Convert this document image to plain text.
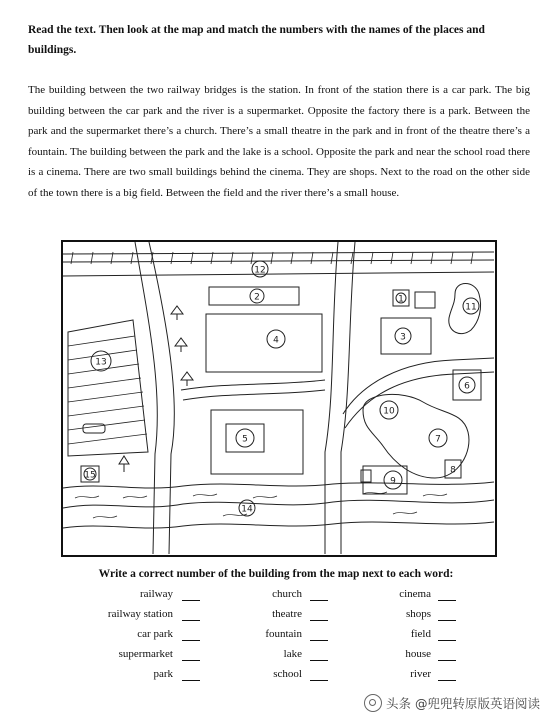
Read the text. Then look at the map and match the numbers with the names of the places and buildings.
The building between the two railway bridges is the station. In front of the station there is a car park. The big building between the car park and the river is a supermarket. Opposite the factory there is a park. Between the park and the supermarket there’s a church. There’s a small theatre in the park and in front of the theatre there’s a fountain. The building between the park and the lake is a school. Opposite the park and near the school road there is a cinema. There are two small buildings behind the cinema. They are shops. Next to the road on the other side of the town there is a big field. Between the field and the river there’s a small house.
1
2
3
4
5
6
7
8
9
10
11
12
13
14
15
Write a correct number of the building from the map next to each word:
railway	church	cinema
railway station	theatre	shops
car park	fountain	field
supermarket	lake	house
park	school	river
头条 @兜兜转原版英语阅读
